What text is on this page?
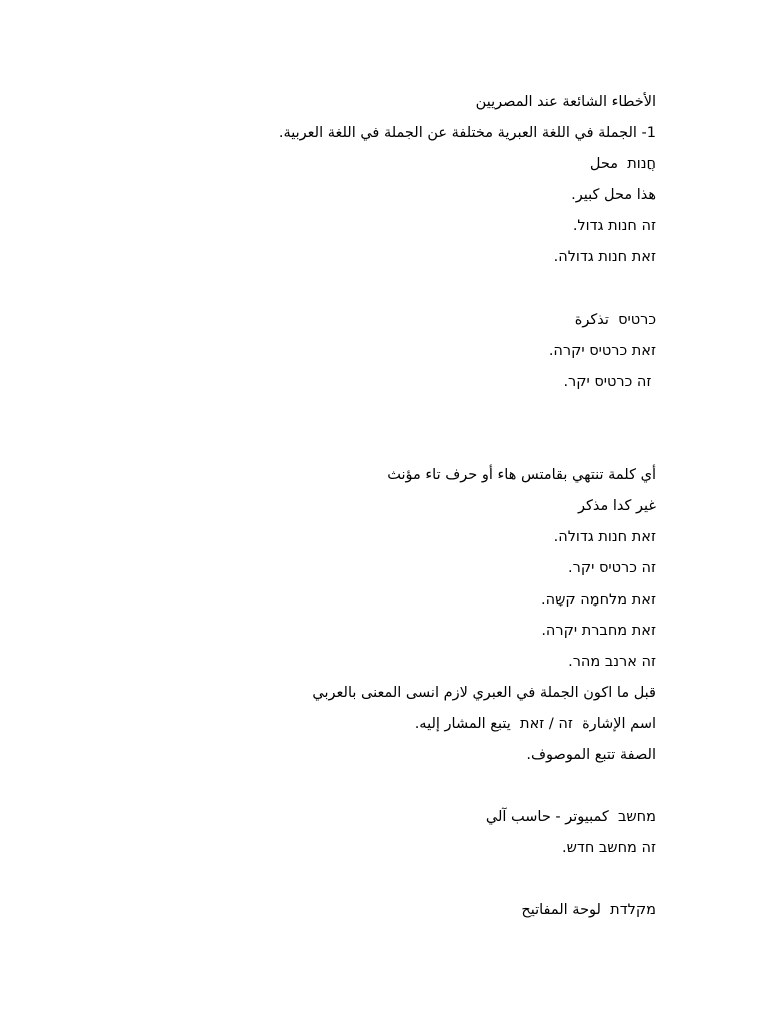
الأخطاء الشائعة عند المصريين
1- الجملة في اللغة العبرية مختلفة عن الجملة في اللغة العربية.
חֲנות  محل
هذا محل كبير.
זה חנות גדול.
זאת חנות גדולה.
כרטיס  تذكرة
זאת כרטיס יקרה.
זה כרטיס יקר.
أي كلمة تنتهي بقامتس هاء أو حرف تاء مؤنث
غير كدا مذكر
זאת חנות גדולה.
זה כרטיס יקר.
זאת מלחמָה קשָה.
זאת מחברת יקרה.
זה ארנב מהר.
قبل ما اكون الجملة في العبري لازم انسى المعنى بالعربي
اسم الإشارة  זה / זאת  يتبع المشار إليه.
الصفة تتبع الموصوف.
מחשב  كمبيوتر - حاسب آلي
זה מחשב חדש.
מקלדת  لوحة المفاتيح
